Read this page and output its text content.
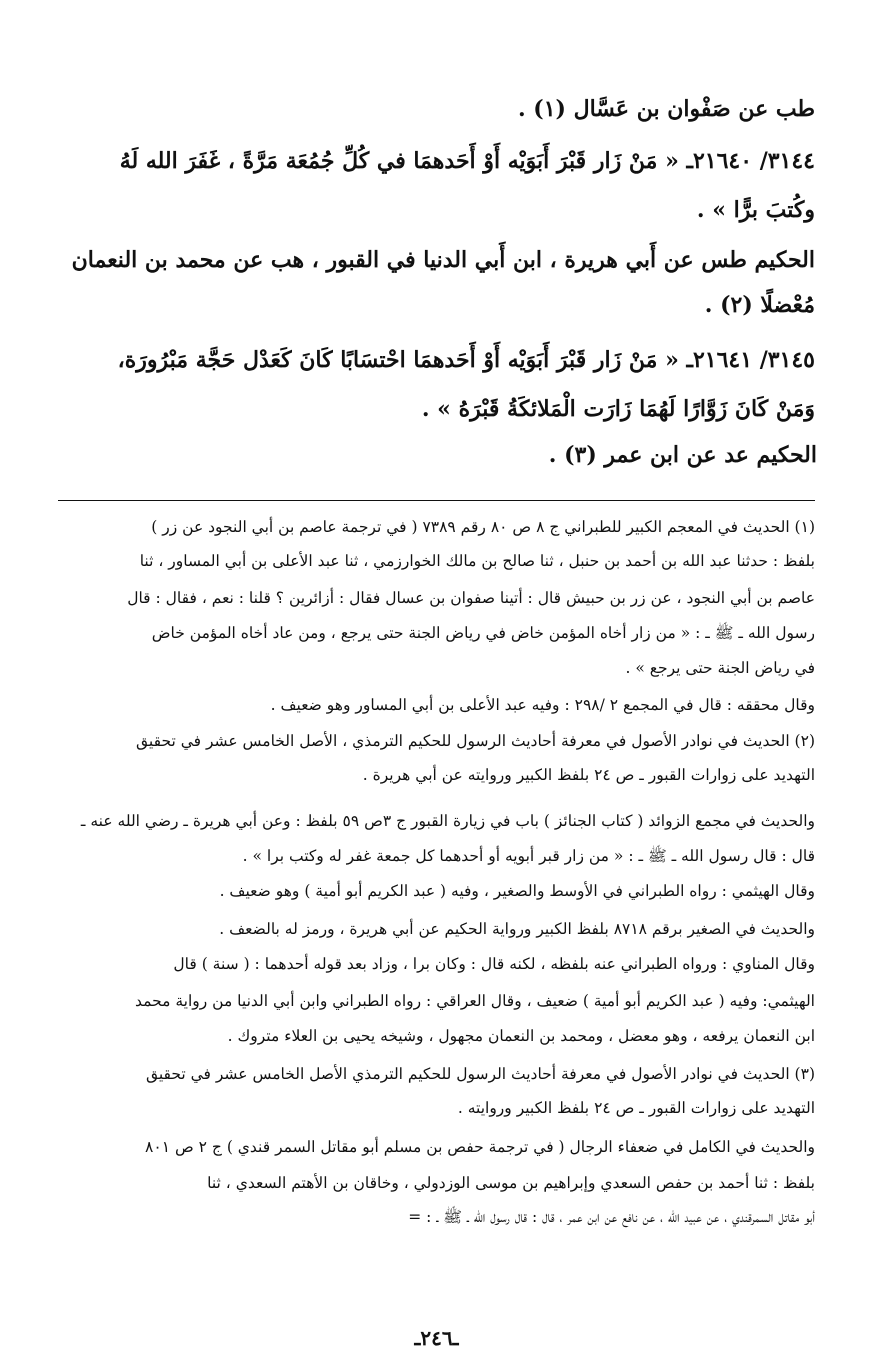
طب عن صَفْوان بن عَسَّال (١) .
٣١٤٤/ ٢١٦٤٠ـ « مَنْ زَار قَبْرَ أَبَوَيْه أَوْ أَحَدهمَا في كُلِّ جُمُعَة مَرَّةً ، غَفَرَ الله لَهُ
وكُتبَ برًّا » .
الحكيم طس عن أَبي هريرة ، ابن أَبي الدنيا في القبور ، هب عن محمد بن النعمان
مُعْضلًا (٢) .
٣١٤٥/ ٢١٦٤١ـ « مَنْ زَار قَبْرَ أَبَوَيْه أَوْ أَحَدهمَا احْتسَابًا كَانَ كَعَدْل حَجَّة مَبْرُورَة،
وَمَنْ كَانَ زَوَّارًا لَهُمَا زَارَت الْمَلائكَةُ قَبْرَهُ » .
الحكيم عد عن ابن عمر (٣) .
(١) الحديث في المعجم الكبير للطبراني ج ٨ ص ٨٠ رقم ٧٣٨٩ ( في ترجمة عاصم بن أبي النجود عن زر )
بلفظ : حدثنا عبد الله بن أحمد بن حنبل ، ثنا صالح بن مالك الخوارزمي ، ثنا عبد الأعلى بن أبي المساور ، ثنا
عاصم بن أبي النجود ، عن زر بن حبيش قال : أتينا صفوان بن عسال فقال : أزائرين ؟ قلنا : نعم ، فقال : قال
رسول الله ـ ﷺ ـ : « من زار أخاه المؤمن خاض في رياض الجنة حتى يرجع ، ومن عاد أخاه المؤمن خاض
في رياض الجنة حتى يرجع » .
وقال محققه : قال في المجمع ٢ /٢٩٨ : وفيه عبد الأعلى بن أبي المساور وهو ضعيف .
(٢) الحديث في نوادر الأصول في معرفة أحاديث الرسول للحكيم الترمذي ، الأصل الخامس عشر في تحقيق
التهديد على زوارات القبور ـ ص ٢٤ بلفظ الكبير وروايته عن أبي هريرة .
والحديث في مجمع الزوائد ( كتاب الجنائز ) باب في زيارة القبور ج ٣ص ٥٩ بلفظ : وعن أبي هريرة ـ رضي الله عنه ـ
قال : قال رسول الله ـ ﷺ ـ : « من زار قبر أبويه أو أحدهما كل جمعة غفر له وكتب برا » .
وقال الهيثمي : رواه الطبراني في الأوسط والصغير ، وفيه ( عبد الكريم أبو أمية ) وهو ضعيف .
والحديث في الصغير برقم ٨٧١٨ بلفظ الكبير ورواية الحكيم عن أبي هريرة ، ورمز له بالضعف .
وقال المناوي : ورواه الطبراني عنه بلفظه ، لكنه قال : وكان برا ، وزاد بعد قوله أحدهما : ( سنة ) قال
الهيثمي: وفيه ( عبد الكريم أبو أمية ) ضعيف ، وقال العراقي : رواه الطبراني وابن أبي الدنيا من رواية محمد
ابن النعمان يرفعه ، وهو معضل ، ومحمد بن النعمان مجهول ، وشيخه يحيى بن العلاء متروك .
(٣) الحديث في نوادر الأصول في معرفة أحاديث الرسول للحكيم الترمذي الأصل الخامس عشر في تحقيق
التهديد على زوارات القبور ـ ص ٢٤ بلفظ الكبير وروايته .
والحديث في الكامل في ضعفاء الرجال ( في ترجمة حفص بن مسلم أبو مقاتل السمر قندي ) ج ٢ ص ٨٠١
بلفظ : ثنا أحمد بن حفص السعدي وإبراهيم بن موسى الوزدولي ، وخاقان بن الأهتم السعدي ، ثنا
أبو مقاتل السمرقندي ، عن عبيد الله ، عن نافع عن ابن عمر ، قال : قال رسول الله ـ ﷺ ـ : =
ـ٢٤٦ـ
